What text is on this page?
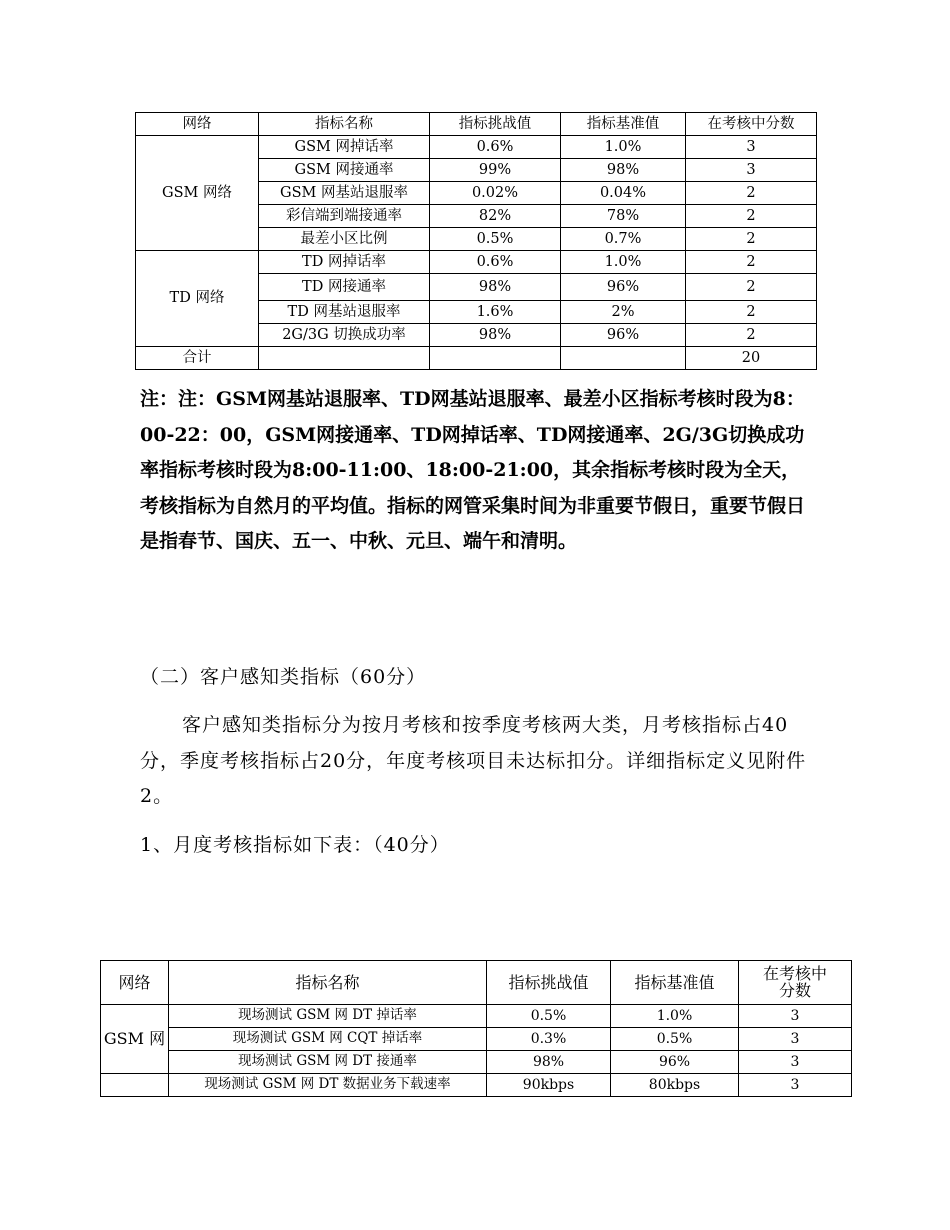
网络	指标名称	指标挑战值	指标基准值	在考核中分数
GSM 网络	GSM 网掉话率	0.6%	1.0%	3
	GSM 网接通率	99%	98%	3
	GSM 网基站退服率	0.02%	0.04%	2
	彩信端到端接通率	82%	78%	2
	最差小区比例	0.5%	0.7%	2
TD 网络	TD 网掉话率	0.6%	1.0%	2
	TD 网接通率	98%	96%	2
	TD 网基站退服率	1.6%	2%	2
	2G/3G 切换成功率	98%	96%	2
合计				20

注：注：GSM网基站退服率、TD网基站退服率、最差小区指标考核时段为8：00-22：00，GSM网接通率、TD网掉话率、TD网接通率、2G/3G切换成功率指标考核时段为8:00-11:00、18:00-21:00，其余指标考核时段为全天，考核指标为自然月的平均值。指标的网管采集时间为非重要节假日，重要节假日是指春节、国庆、五一、中秋、元旦、端午和清明。

（二）客户感知类指标（60分）

客户感知类指标分为按月考核和按季度考核两大类，月考核指标占40分，季度考核指标占20分，年度考核项目未达标扣分。详细指标定义见附件2。

1、月度考核指标如下表：（40分）

网络	指标名称	指标挑战值	指标基准值	在考核中
分数
GSM 网	现场测试 GSM 网 DT 掉话率	0.5%	1.0%	3
	现场测试 GSM 网 CQT 掉话率	0.3%	0.5%	3
	现场测试 GSM 网 DT 接通率	98%	96%	3
	现场测试 GSM 网 DT 数据业务下载速率	90kbps	80kbps	3
